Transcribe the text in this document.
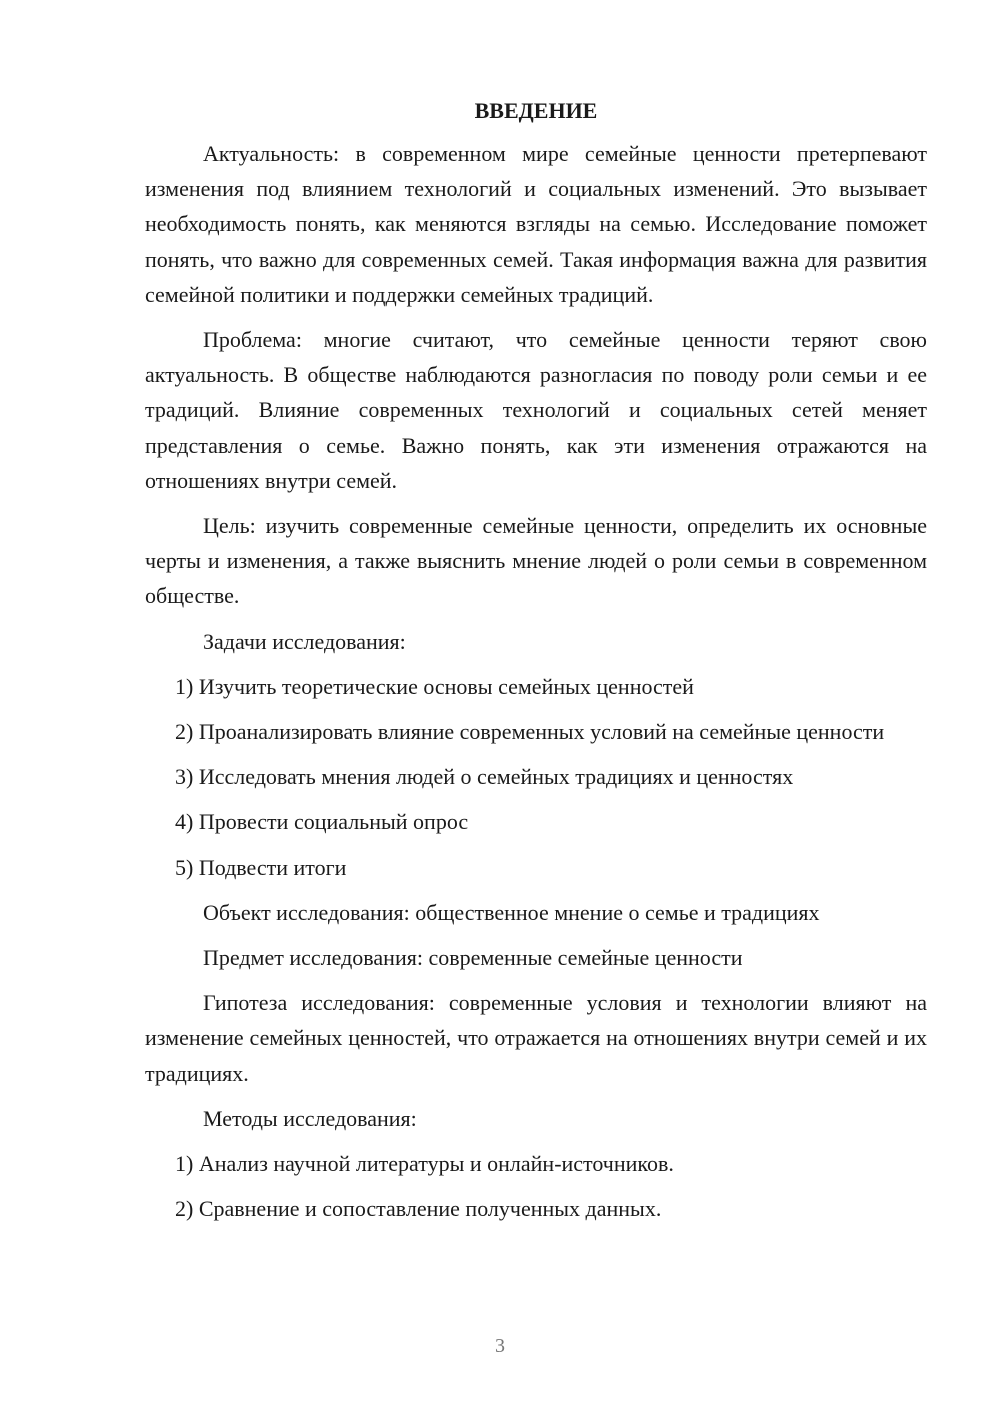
ВВЕДЕНИЕ

Актуальность: в современном мире семейные ценности претерпевают изменения под влиянием технологий и социальных изменений. Это вызывает необходимость понять, как меняются взгляды на семью. Исследование поможет понять, что важно для современных семей. Такая информация важна для развития семейной политики и поддержки семейных традиций.

Проблема: многие считают, что семейные ценности теряют свою актуальность. В обществе наблюдаются разногласия по поводу роли семьи и ее традиций. Влияние современных технологий и социальных сетей меняет представления о семье. Важно понять, как эти изменения отражаются на отношениях внутри семей.

Цель: изучить современные семейные ценности, определить их основные черты и изменения, а также выяснить мнение людей о роли семьи в современном обществе.

Задачи исследования:

1) Изучить теоретические основы семейных ценностей

2) Проанализировать влияние современных условий на семейные ценности

3) Исследовать мнения людей о семейных традициях и ценностях

4) Провести социальный опрос

5) Подвести итоги

Объект исследования: общественное мнение о семье и традициях

Предмет исследования: современные семейные ценности

Гипотеза исследования: современные условия и технологии влияют на изменение семейных ценностей, что отражается на отношениях внутри семей и их традициях.

Методы исследования:

1) Анализ научной литературы и онлайн-источников.

2) Сравнение и сопоставление полученных данных.

3
